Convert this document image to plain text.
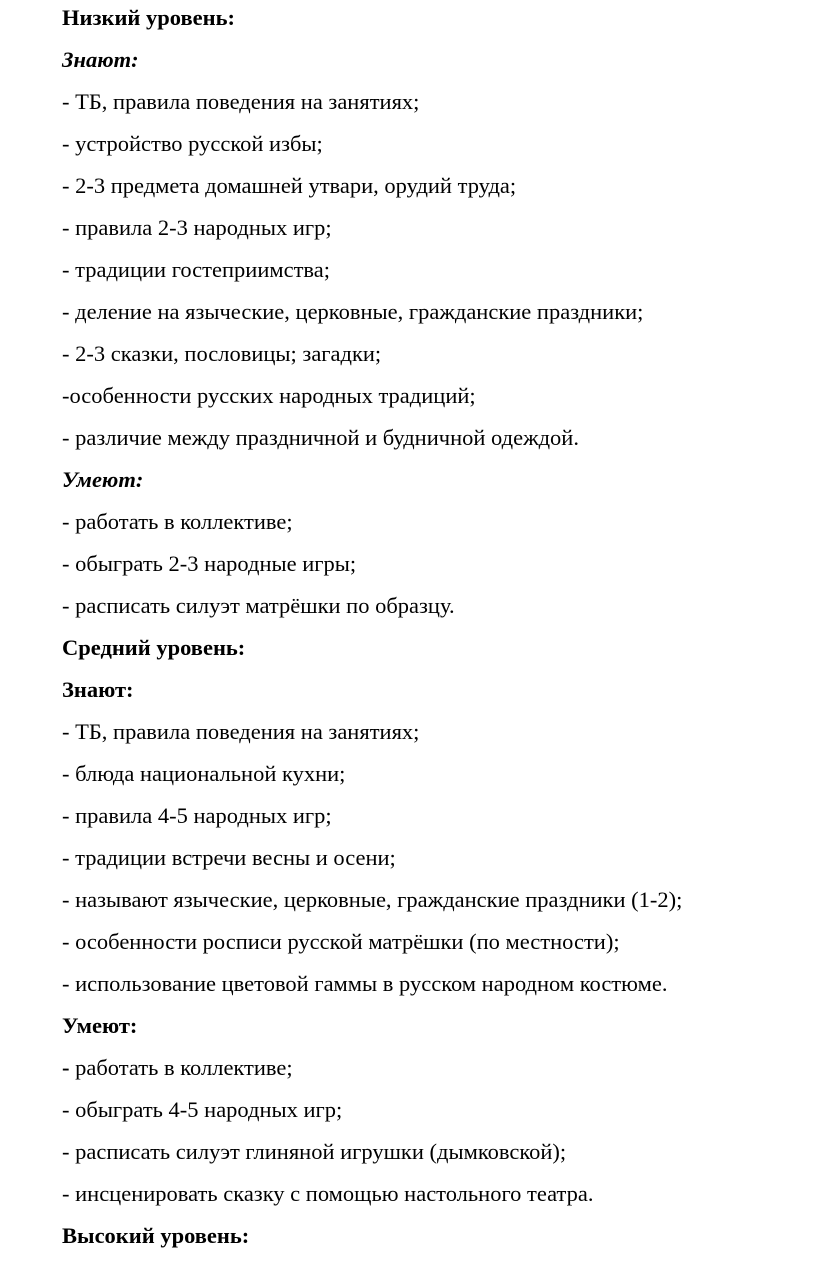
Низкий уровень:
Знают:
- ТБ, правила поведения на занятиях;
- устройство русской избы;
- 2-3 предмета домашней утвари, орудий труда;
- правила 2-3 народных игр;
- традиции гостеприимства;
- деление на языческие, церковные, гражданские праздники;
- 2-3 сказки, пословицы; загадки;
-особенности русских народных традиций;
- различие между праздничной и будничной одеждой.
Умеют:
- работать в коллективе;
- обыграть 2-3 народные игры;
- расписать силуэт матрёшки по образцу.
Средний уровень:
Знают:
- ТБ, правила поведения на занятиях;
- блюда национальной кухни;
- правила 4-5 народных игр;
- традиции встречи весны и осени;
- называют языческие, церковные, гражданские праздники (1-2);
- особенности росписи русской матрёшки (по местности);
- использование цветовой гаммы в русском народном костюме.
Умеют:
- работать в коллективе;
- обыграть 4-5 народных игр;
- расписать силуэт глиняной игрушки (дымковской);
- инсценировать сказку с помощью настольного театра.
Высокий уровень:
